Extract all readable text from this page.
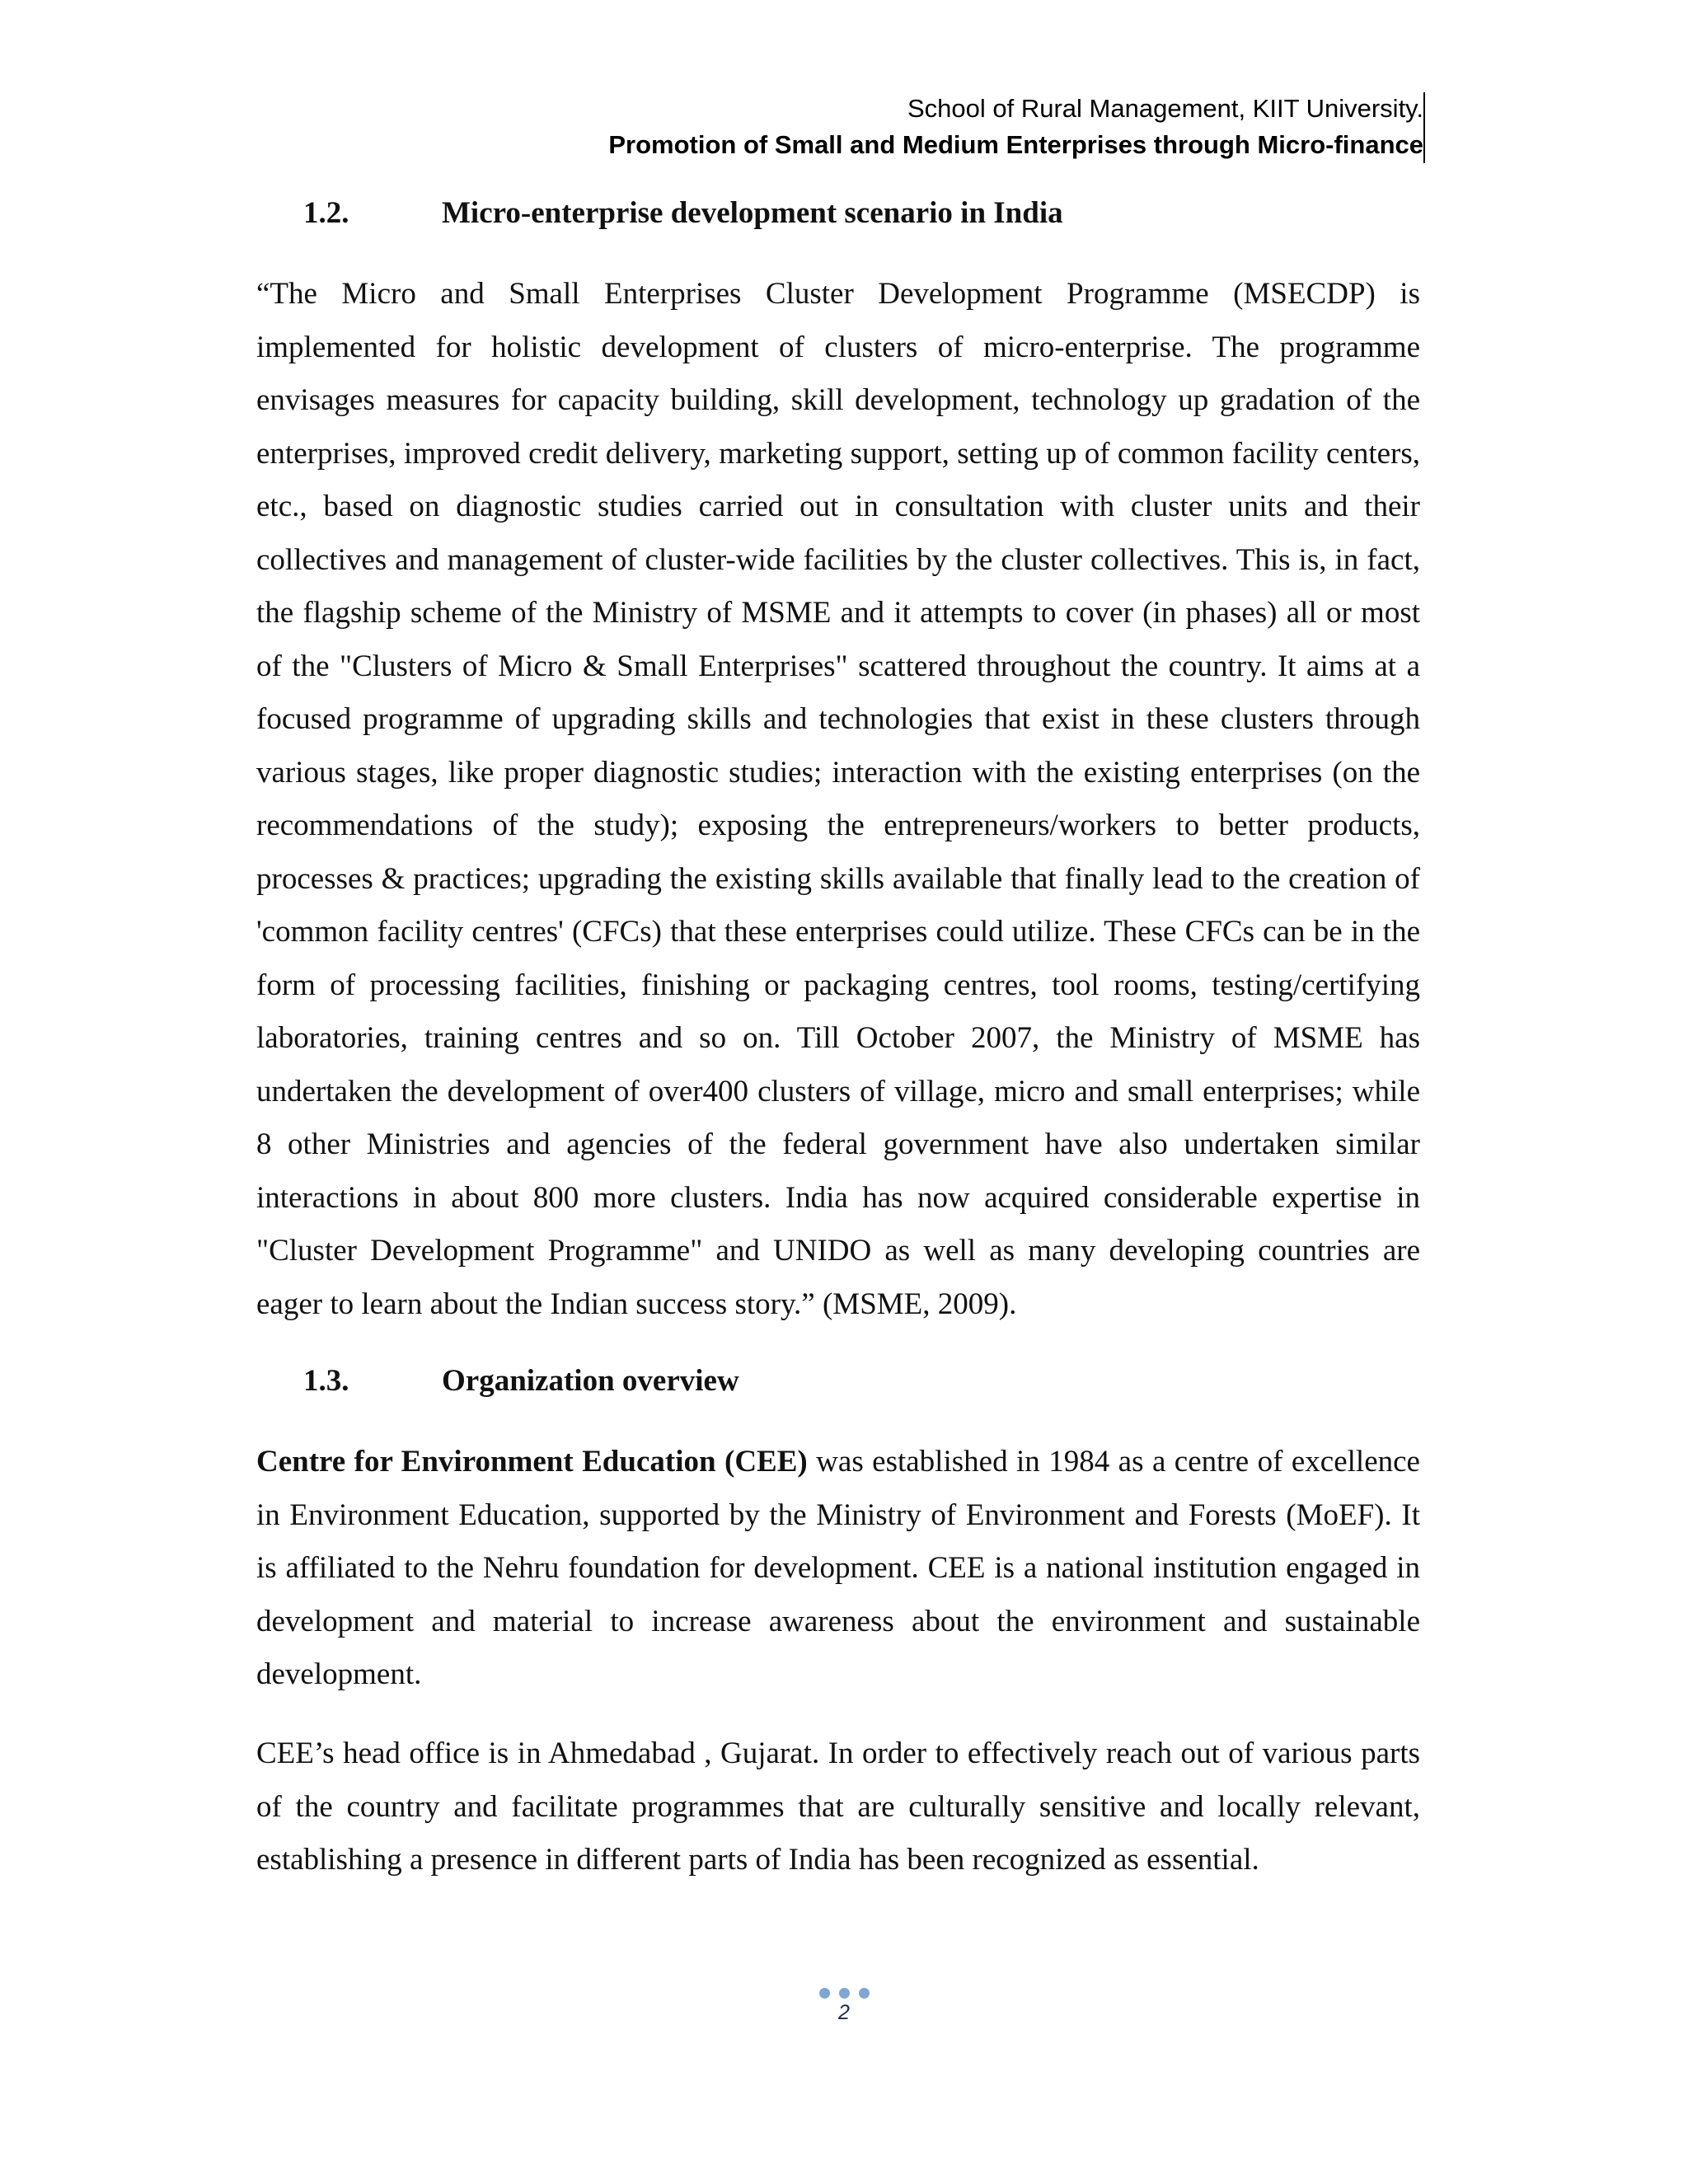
School of Rural Management, KIIT University.
Promotion of Small and Medium Enterprises through Micro-finance
1.2.	Micro-enterprise development scenario in India

“The Micro and Small Enterprises Cluster Development Programme (MSECDP) is implemented for holistic development of clusters of micro-enterprise. The programme envisages measures for capacity building, skill development, technology up gradation of the enterprises, improved credit delivery, marketing support, setting up of common facility centers, etc., based on diagnostic studies carried out in consultation with cluster units and their collectives and management of cluster-wide facilities by the cluster collectives. This is, in fact, the flagship scheme of the Ministry of MSME and it attempts to cover (in phases) all or most of the "Clusters of Micro & Small Enterprises" scattered throughout the country. It aims at a focused programme of upgrading skills and technologies that exist in these clusters through various stages, like proper diagnostic studies; interaction with the existing enterprises (on the recommendations of the study); exposing the entrepreneurs/workers to better products, processes & practices; upgrading the existing skills available that finally lead to the creation of 'common facility centres' (CFCs) that these enterprises could utilize. These CFCs can be in the form of processing facilities, finishing or packaging centres, tool rooms, testing/certifying laboratories, training centres and so on. Till October 2007, the Ministry of MSME has undertaken the development of over400 clusters of village, micro and small enterprises; while 8 other Ministries and agencies of the federal government have also undertaken similar interactions in about 800 more clusters. India has now acquired considerable expertise in "Cluster Development Programme" and UNIDO as well as many developing countries are eager to learn about the Indian success story.” (MSME, 2009).

1.3.	Organization overview

Centre for Environment Education (CEE) was established in 1984 as a centre of excellence in Environment Education, supported by the Ministry of Environment and Forests (MoEF). It is affiliated to the Nehru foundation for development. CEE is a national institution engaged in development and material to increase awareness about the environment and sustainable development.

CEE’s head office is in Ahmedabad , Gujarat. In order to effectively reach out of various parts of the country and facilitate programmes that are culturally sensitive and locally relevant, establishing a presence in different parts of India has been recognized as essential.

2
